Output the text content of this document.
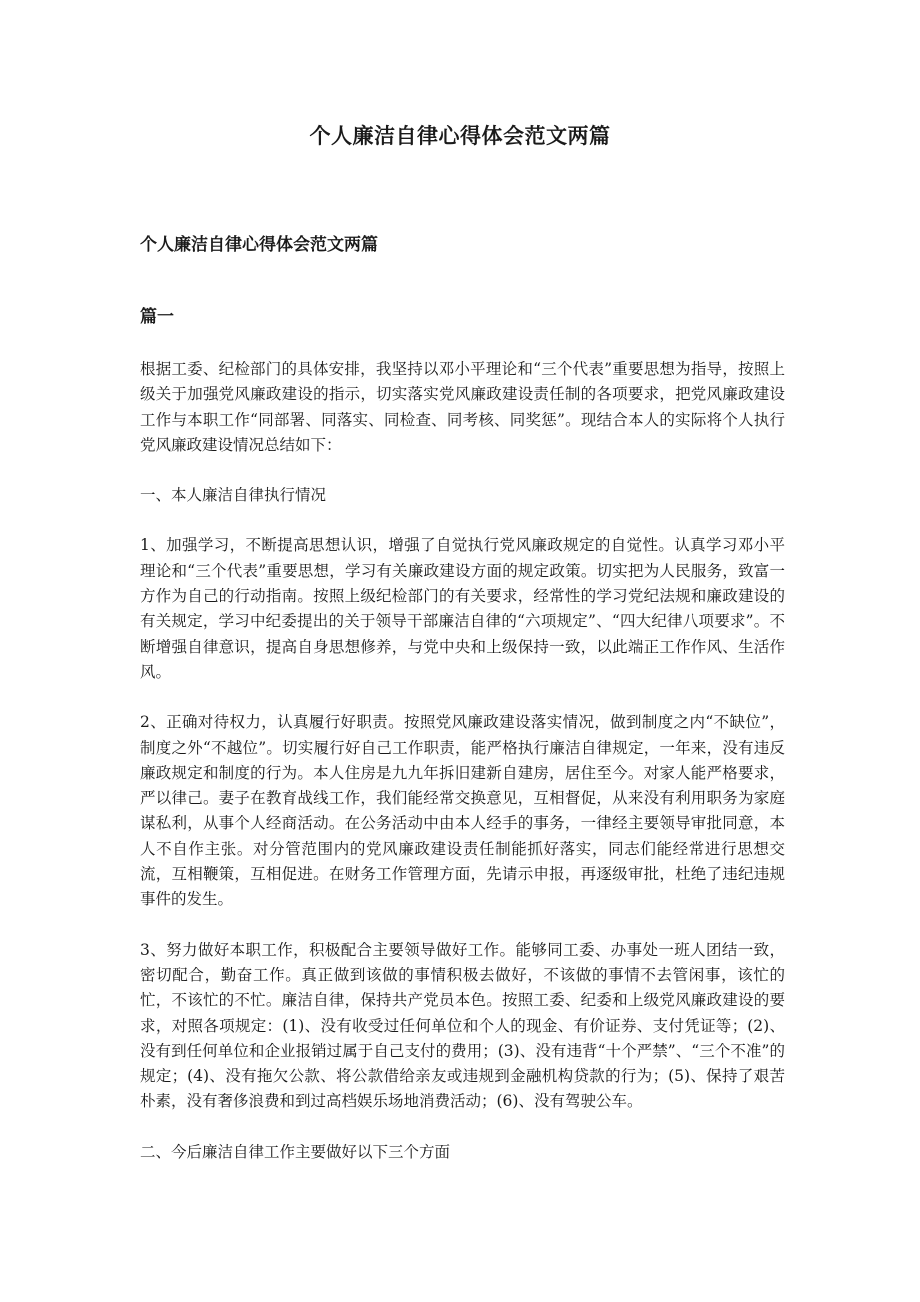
个人廉洁自律心得体会范文两篇
个人廉洁自律心得体会范文两篇
篇一

根据工委、纪检部门的具体安排，我坚持以邓小平理论和“三个代表”重要思想为指导，按照上级关于加强党风廉政建设的指示，切实落实党风廉政建设责任制的各项要求，把党风廉政建设工作与本职工作“同部署、同落实、同检查、同考核、同奖惩”。现结合本人的实际将个人执行党风廉政建设情况总结如下：

一、本人廉洁自律执行情况

1、加强学习，不断提高思想认识，增强了自觉执行党风廉政规定的自觉性。认真学习邓小平理论和“三个代表”重要思想，学习有关廉政建设方面的规定政策。切实把为人民服务，致富一方作为自己的行动指南。按照上级纪检部门的有关要求，经常性的学习党纪法规和廉政建设的有关规定，学习中纪委提出的关于领导干部廉洁自律的“六项规定”、“四大纪律八项要求”。不断增强自律意识，提高自身思想修养，与党中央和上级保持一致，以此端正工作作风、生活作风。

2、正确对待权力，认真履行好职责。按照党风廉政建设落实情况，做到制度之内“不缺位”，制度之外“不越位”。切实履行好自己工作职责，能严格执行廉洁自律规定，一年来，没有违反廉政规定和制度的行为。本人住房是九九年拆旧建新自建房，居住至今。对家人能严格要求，严以律己。妻子在教育战线工作，我们能经常交换意见，互相督促，从来没有利用职务为家庭谋私利，从事个人经商活动。在公务活动中由本人经手的事务，一律经主要领导审批同意，本人不自作主张。对分管范围内的党风廉政建设责任制能抓好落实，同志们能经常进行思想交流，互相鞭策，互相促进。在财务工作管理方面，先请示申报，再逐级审批，杜绝了违纪违规事件的发生。

3、努力做好本职工作，积极配合主要领导做好工作。能够同工委、办事处一班人团结一致，密切配合，勤奋工作。真正做到该做的事情积极去做好，不该做的事情不去管闲事，该忙的忙，不该忙的不忙。廉洁自律，保持共产党员本色。按照工委、纪委和上级党风廉政建设的要求，对照各项规定：(1)、没有收受过任何单位和个人的现金、有价证券、支付凭证等；(2)、没有到任何单位和企业报销过属于自己支付的费用；(3)、没有违背“十个严禁”、“三个不准”的规定；(4)、没有拖欠公款、将公款借给亲友或违规到金融机构贷款的行为；(5)、保持了艰苦朴素，没有奢侈浪费和到过高档娱乐场地消费活动；(6)、没有驾驶公车。

二、今后廉洁自律工作主要做好以下三个方面
